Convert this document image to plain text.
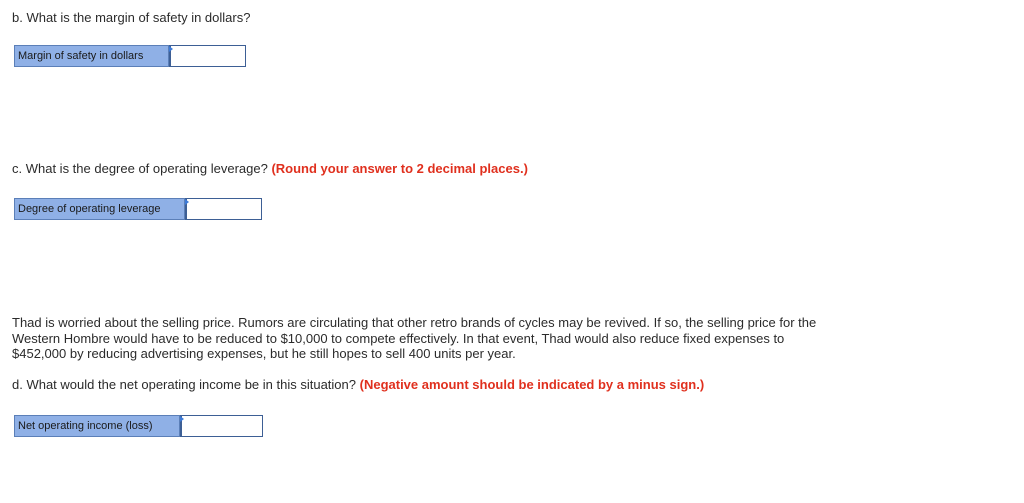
b. What is the margin of safety in dollars?
Margin of safety in dollars
c. What is the degree of operating leverage? (Round your answer to 2 decimal places.)
Degree of operating leverage
Thad is worried about the selling price. Rumors are circulating that other retro brands of cycles may be revived. If so, the selling price for the Western Hombre would have to be reduced to $10,000 to compete effectively. In that event, Thad would also reduce fixed expenses to $452,000 by reducing advertising expenses, but he still hopes to sell 400 units per year.
d. What would the net operating income be in this situation? (Negative amount should be indicated by a minus sign.)
Net operating income (loss)
